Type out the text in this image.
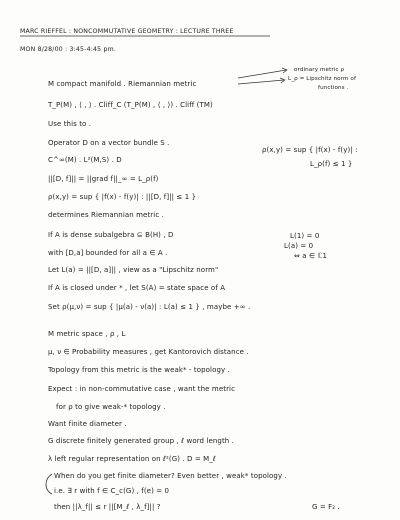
MARC RIEFFEL : NONCOMMUTATIVE GEOMETRY : LECTURE THREE
MON 8/28/00 : 3:45-4:45 pm.
M compact manifold . Riemannian metric
T_P(M) , ⟨ , ⟩ . Cliff_C (T_P(M) , ⟨ , ⟩) . Cliff (TM)
Use this to .
Operator D on a vector bundle S .
C^∞(M) . L²(M,S) . D
||[D, f]|| = ||grad f||_∞ = L_ρ(f)
ρ(x,y) = sup { |f(x) - f(y)| : ||[D, f]|| ≤ 1 }
determines Riemannian metric .
If A is dense subalgebra ⊆ B(H) , D
with [D,a] bounded for all a ∈ A .
Let L(a) = ||[D, a]|| , view as a "Lipschitz norm"
If A is closed under * , let S(A) = state space of A
Set ρ(μ,ν) = sup { |μ(a) - ν(a)| : L(a) ≤ 1 } , maybe +∞ .
M metric space , ρ , L
μ, ν ∈ Probability measures , get Kantorovich distance .
Topology from this metric is the weak* - topology .
Expect : in non-commutative case , want the metric
for ρ to give weak-* topology .
Want finite diameter .
G discrete finitely generated group , ℓ word length .
λ left regular representation on ℓ²(G) . D = M_ℓ
When do you get finite diameter? Even better , weak* topology .
i.e. ∃ r with f ∈ C_c(G) , f(e) = 0
then ||λ_f|| ≤ r ||[M_ℓ , λ_f]|| ?
ordinary metric ρ
L_ρ = Lipschitz norm of
functions .
ρ(x,y) = sup { |f(x) - f(y)| :
L_ρ(f) ≤ 1 }
L(1) = 0
L(a) = 0
⇔ a ∈ ℂ1
G = F₂ .
